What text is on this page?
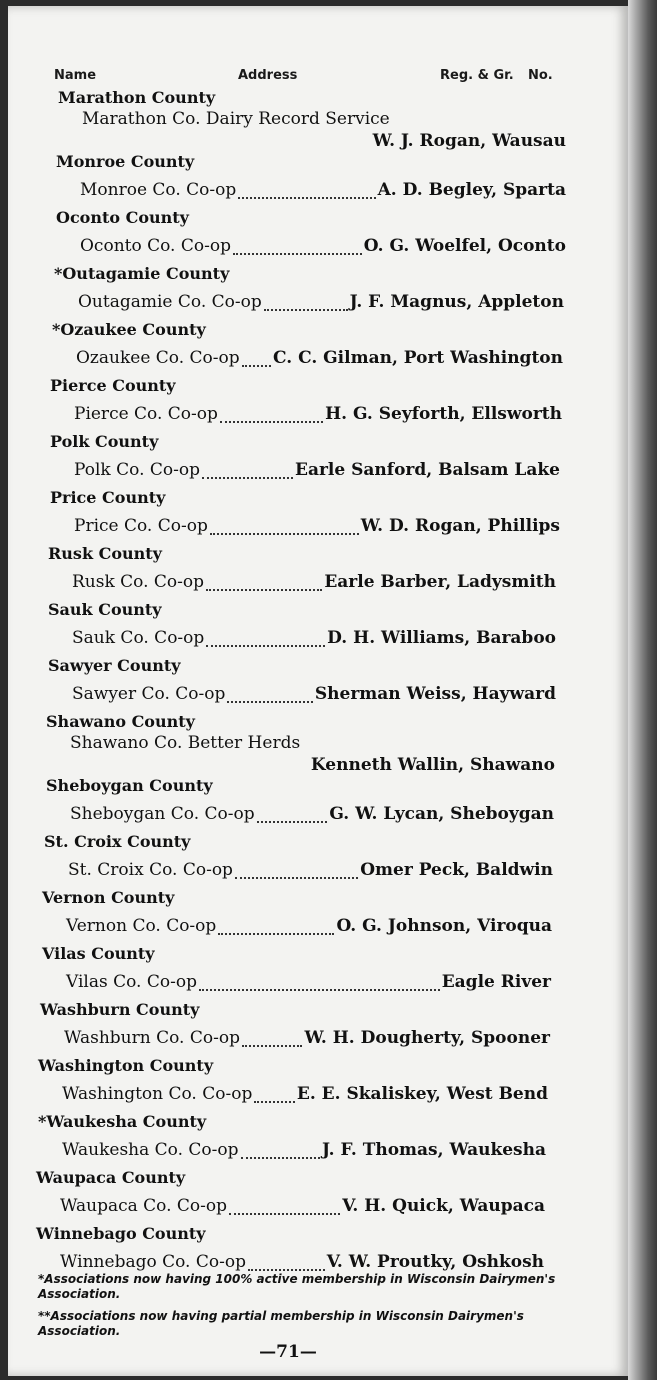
Name	Address	Reg. & Gr. No.
Marathon County
Marathon Co. Dairy Record Service
W. J. Rogan, Wausau
Monroe County
Monroe Co. Co-op	A. D. Begley, Sparta
Oconto County
Oconto Co. Co-op	O. G. Woelfel, Oconto
*Outagamie County
Outagamie Co. Co-op	J. F. Magnus, Appleton
*Ozaukee County
Ozaukee Co. Co-op C. C. Gilman, Port Washington
Pierce County
Pierce Co. Co-op	H. G. Seyforth, Ellsworth
Polk County
Polk Co. Co-op	Earle Sanford, Balsam Lake
Price County
Price Co. Co-op	W. D. Rogan, Phillips
Rusk County
Rusk Co. Co-op	Earle Barber, Ladysmith
Sauk County
Sauk Co. Co-op	D. H. Williams, Baraboo
Sawyer County
Sawyer Co. Co-op	Sherman Weiss, Hayward
Shawano County
Shawano Co. Better Herds
Kenneth Wallin, Shawano
Sheboygan County
Sheboygan Co. Co-op	G. W. Lycan, Sheboygan
St. Croix County
St. Croix Co. Co-op	Omer Peck, Baldwin
Vernon County
Vernon Co. Co-op	O. G. Johnson, Viroqua
Vilas County
Vilas Co. Co-op	Eagle River
Washburn County
Washburn Co. Co-op	W. H. Dougherty, Spooner
Washington County
Washington Co. Co-op	E. E. Skaliskey, West Bend
*Waukesha County
Waukesha Co. Co-op	J. F. Thomas, Waukesha
Waupaca County
Waupaca Co. Co-op	V. H. Quick, Waupaca
Winnebago County
Winnebago Co. Co-op	V. W. Proutky, Oshkosh
*Associations now having 100% active membership in Wisconsin Dairymen's Association.
**Associations now having partial membership in Wisconsin Dairymen's Association.
—71—
